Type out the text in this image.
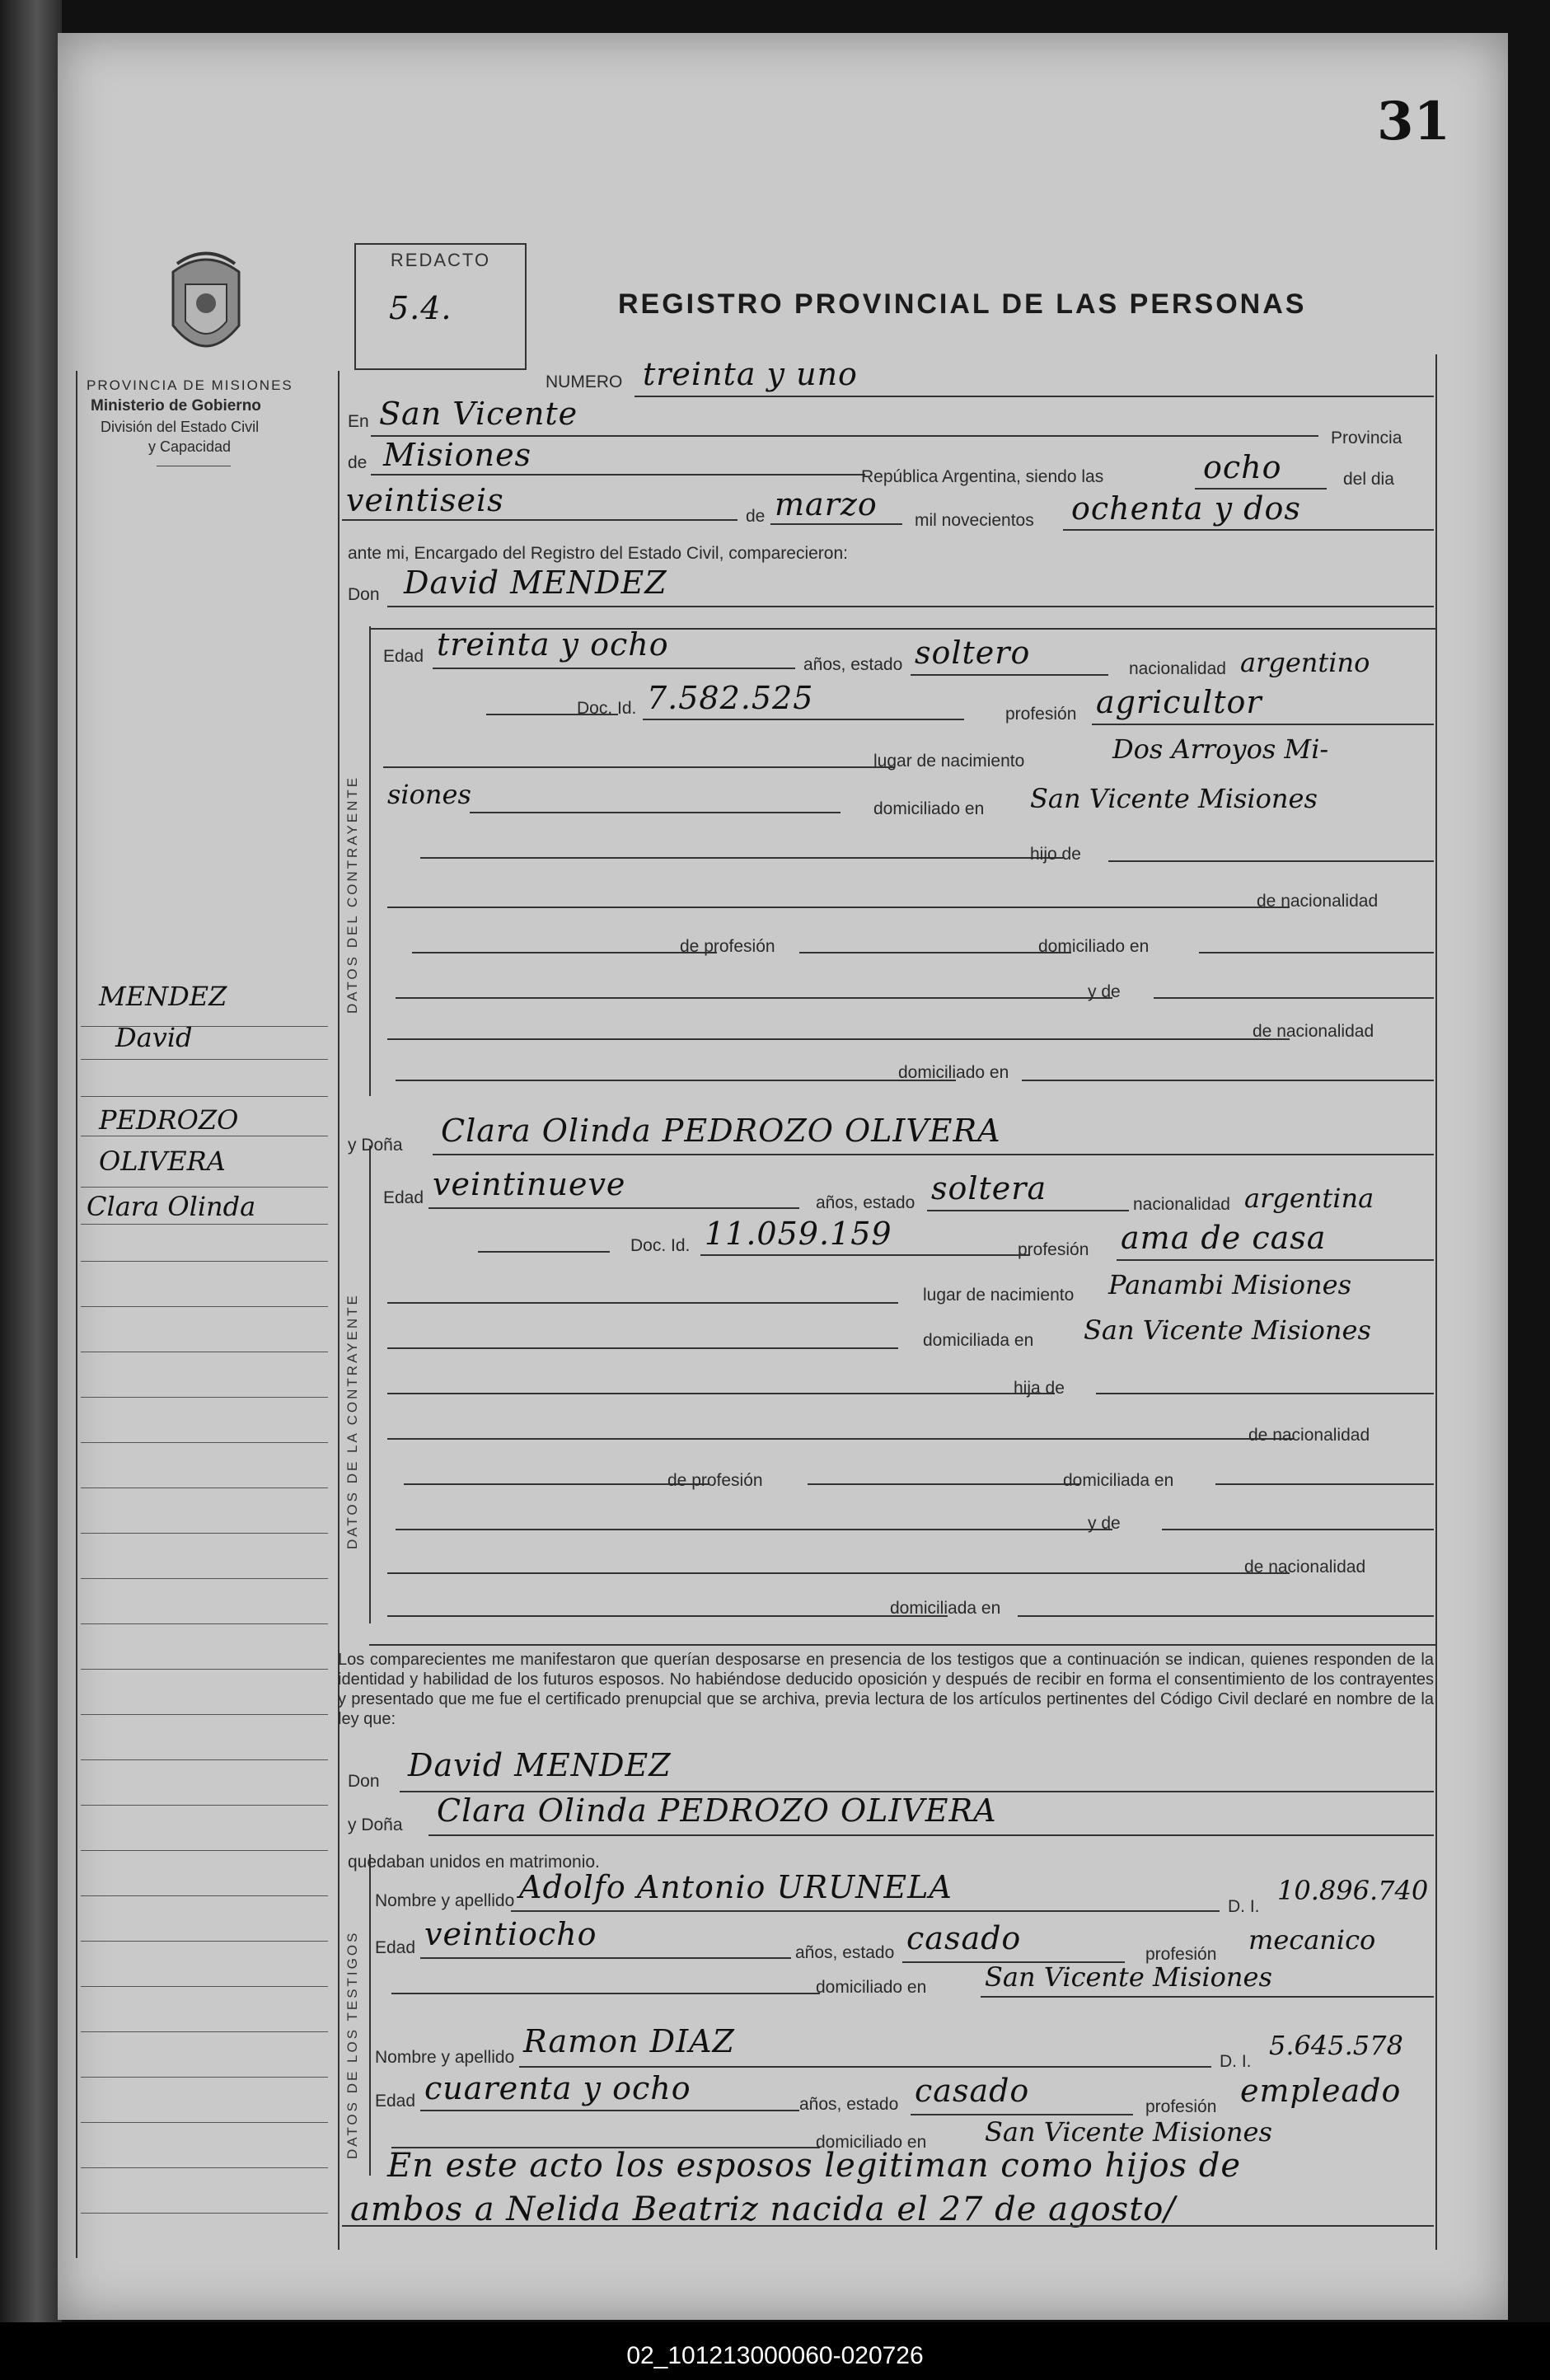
31
PROVINCIA DE MISIONES
Ministerio de Gobierno
División del Estado Civil
y Capacidad
REDACTO
5.4.	REGISTRO PROVINCIAL DE LAS PERSONAS
DATOS DEL CONTRAYENTE
DATOS DE LA CONTRAYENTE
DATOS DE LOS TESTIGOS
MENDEZ
David
PEDROZO
OLIVERA
Clara Olinda
NUMERO treinta y uno
En San Vicente
Provincia
de Misiones
República Argentina, siendo las	ocho	del dia
veintiseis	de marzo mil novecientos ochenta y dos
ante mi, Encargado del Registro del Estado Civil, comparecieron:
Don David MENDEZ
Edad treinta y ocho
años, estado soltero	nacionalidad argentino
Doc. Id. 7.582.525	profesión agricultor
lugar de nacimiento	Dos Arroyos Mi-
siones	domiciliado en San Vicente Misiones
hijo de
de nacionalidad
de profesión	domiciliado en
y de
de nacionalidad
domiciliado en
y Doña Clara Olinda PEDROZO OLIVERA
Edad veintinueve
años, estado soltera	nacionalidad argentina
Doc. Id. 11.059.159	profesión ama de casa
lugar de nacimiento Panambi Misiones
domiciliada en San Vicente Misiones
hija de
de nacionalidad
de profesión	domiciliada en
y de
de nacionalidad
domiciliada en
Los comparecientes me manifestaron que querían desposarse en presencia de los testigos que a continuación se indican, quienes responden de la identidad y habilidad de los futuros esposos. No habiéndose deducido oposición y después de recibir en forma el consentimiento de los contrayentes y presentado que me fue el certificado prenupcial que se archiva, previa lectura de los artículos pertinentes del Código Civil declaré en nombre de la ley que:
Don David MENDEZ
y Doña Clara Olinda PEDROZO OLIVERA
quedaban unidos en matrimonio.
Nombre y apellido Adolfo Antonio URUNELA
D. I.
10.896.740
Edad veintiocho
años, estado casado	profesión mecanico
domiciliado en San Vicente Misiones
Nombre y apellido Ramon DIAZ
D. I.
5.645.578
Edad cuarenta y ocho	años, estado casado	profesión empleado
domiciliado en San Vicente Misiones
En este acto los esposos legitiman como hijos de
ambos a Nelida Beatriz nacida el 27 de agosto/
02_101213000060-020726
